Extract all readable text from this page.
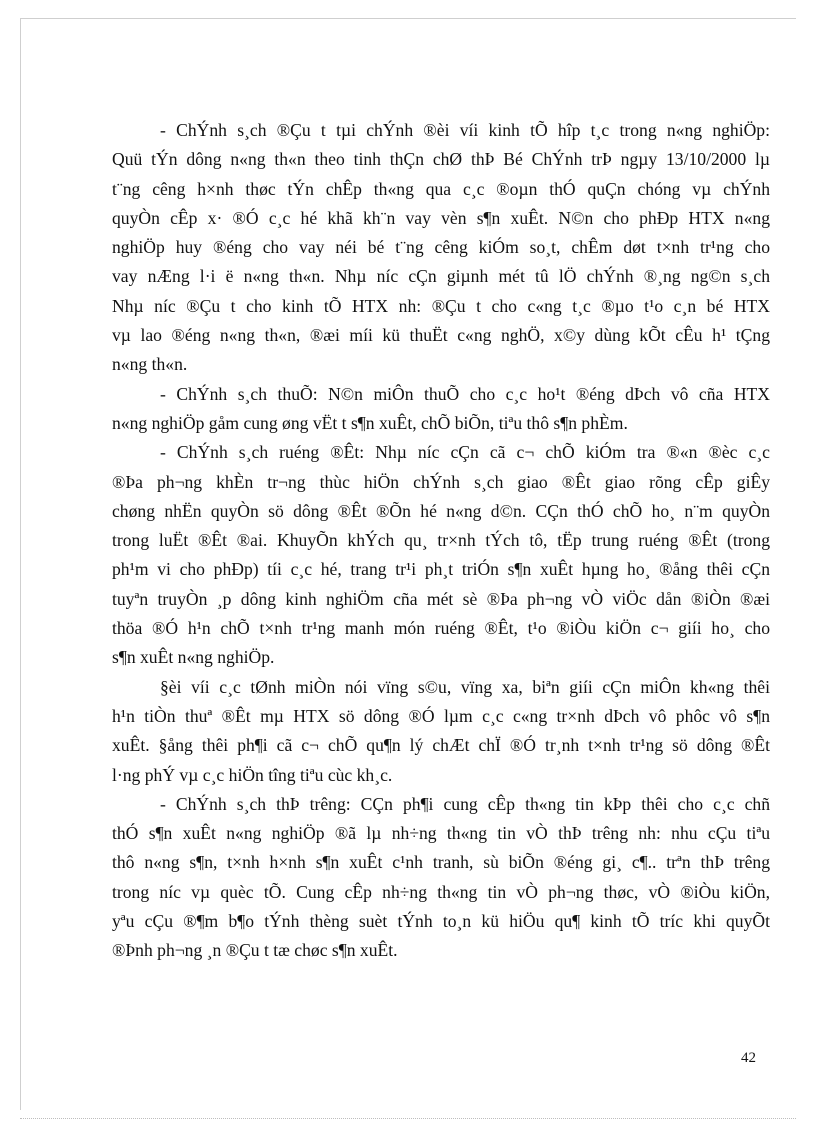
- ChÝnh s¸ch ®Çu t tµi chÝnh ®èi víi kinh tÕ hîp t¸c trong n«ng nghiÖp:
Quü tÝn dông n«ng th«n theo tinh thÇn chØ thÞ Bé ChÝnh trÞ ngµy 13/10/2000 lµ
t¨ng cêng h×nh thøc tÝn chÊp th«ng qua c¸c ®oµn thÓ quÇn chóng vµ chÝnh
quyÒn cÊp x· ®Ó c¸c hé khã kh¨n vay vèn s¶n xuÊt. N©n cho phÐp HTX n«ng
nghiÖp huy ®éng cho vay néi bé t¨ng cêng kiÓm so¸t, chÊm døt t×nh tr¹ng cho
vay nÆng l·i ë n«ng th«n. Nhµ níc cÇn giµnh mét tû lÖ chÝnh ®¸ng ng©n s¸ch
Nhµ níc ®Çu t cho kinh tÕ HTX nh: ®Çu t cho c«ng t¸c ®µo t¹o c¸n bé HTX
vµ lao ®éng n«ng th«n, ®æi míi kü thuËt c«ng nghÖ, x©y dùng kÕt cÊu h¹ tÇng
n«ng th«n.
- ChÝnh s¸ch thuÕ: N©n miÔn thuÕ cho c¸c ho¹t ®éng dÞch vô cña HTX
n«ng nghiÖp gåm cung øng vËt t s¶n xuÊt, chÕ biÕn, tiªu thô s¶n phÈm.
- ChÝnh s¸ch ruéng ®Êt: Nhµ níc cÇn cã c¬ chÕ kiÓm tra ®«n ®èc c¸c
®Þa ph¬ng khÈn tr¬ng thùc hiÖn chÝnh s¸ch giao ®Êt giao rõng cÊp giÊy
chøng nhËn quyÒn sö dông ®Êt ®Õn hé n«ng d©n. CÇn thÓ chÕ ho¸ n¨m quyÒn
trong luËt ®Êt ®ai. KhuyÕn khÝch qu¸ tr×nh tÝch tô, tËp trung ruéng ®Êt (trong
ph¹m vi cho phÐp) tíi c¸c hé, trang tr¹i ph¸t triÓn s¶n xuÊt hµng ho¸ ®ång thêi cÇn
tuyªn truyÒn ¸p dông kinh nghiÖm cña mét sè ®Þa ph¬ng vÒ viÖc dån ®iÒn ®æi
thöa ®Ó h¹n chÕ t×nh tr¹ng manh món ruéng ®Êt, t¹o ®iÒu kiÖn c¬ giíi ho¸ cho
s¶n xuÊt n«ng nghiÖp.
§èi víi c¸c tØnh miÒn nói vïng s©u, vïng xa, biªn giíi cÇn miÔn kh«ng thêi
h¹n tiÒn thuª ®Êt mµ HTX sö dông ®Ó lµm c¸c c«ng tr×nh dÞch vô phôc vô s¶n
xuÊt. §ång thêi ph¶i cã c¬ chÕ qu¶n lý chÆt chÏ ®Ó tr¸nh t×nh tr¹ng sö dông ®Êt
l·ng phÝ vµ c¸c hiÖn tîng tiªu cùc kh¸c.
- ChÝnh s¸ch thÞ trêng: CÇn ph¶i cung cÊp th«ng tin kÞp thêi cho c¸c chñ
thÓ s¶n xuÊt n«ng nghiÖp ®ã lµ nh÷ng th«ng tin vÒ thÞ trêng nh: nhu cÇu tiªu
thô n«ng s¶n, t×nh h×nh s¶n xuÊt c¹nh tranh, sù biÕn ®éng gi¸ c¶.. trªn thÞ trêng
trong níc vµ quèc tÕ. Cung cÊp nh÷ng th«ng tin vÒ ph¬ng thøc, vÒ ®iÒu kiÖn,
yªu cÇu ®¶m b¶o tÝnh thèng suèt tÝnh to¸n kü hiÖu qu¶ kinh tÕ tríc khi quyÕt
®Þnh ph¬ng ¸n ®Çu t tæ chøc s¶n xuÊt.
42
